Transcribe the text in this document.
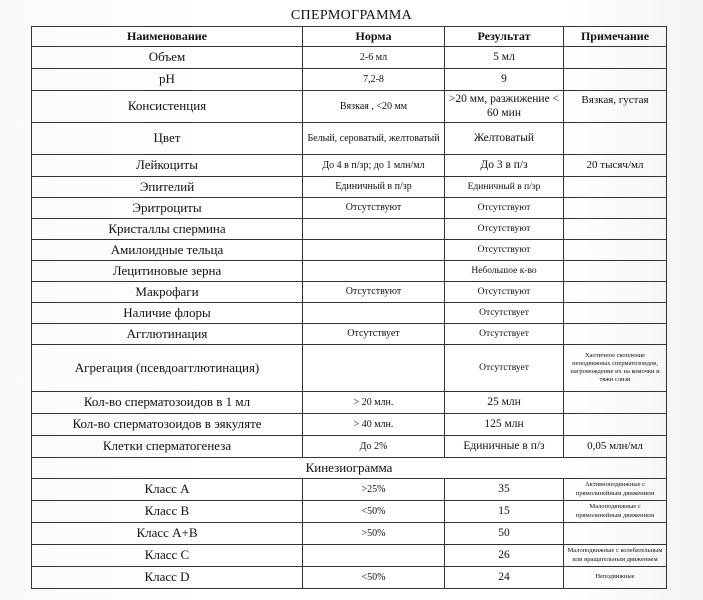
СПЕРМОГРАММА
Наименование	Норма	Результат	Примечание
Объем	2-6 мл	5 мл	
pH	7,2-8	9	
Консистенция	Вязкая , <20 мм	>20 мм, разжижение < 60 мин	Вязкая, густая
Цвет	Белый, сероватый, желтоватый	Желтоватый	
Лейкоциты	До 4 в п/зр; до 1 млн/мл	До 3 в п/з	20 тысяч/мл
Эпителий	Единичный в п/зр	Единичный в п/зр	
Эритроциты	Отсутствуют	Отсутствуют	
Кристаллы спермина		Отсутствуют	
Амилоидные тельца		Отсутствуют	
Лецитиновые зерна		Небольшое к-во	
Макрофаги	Отсутствуют	Отсутствуют	
Наличие флоры		Отсутствует	
Агглютинация	Отсутствует	Отсутствует	
Агрегация (псевдоагглютинация)		Отсутствует	Хаотичное скопление неподвижных сперматозоидов, нагромождение их на комочки и тяжи слизи
Кол-во сперматозоидов в 1 мл	> 20 млн.	25 млн	
Кол-во сперматозоидов в эякуляте	> 40 млн.	125 млн	
Клетки сперматогенеза	До 2%	Единичные в п/з	0,05 млн/мл
Кинезиограмма			
Класс А	>25%	35	Активноподвижные с прямолинейным движением
Класс В	<50%	15	Малоподвижные с прямолинейным движением
Класс А+В	>50%	50	
Класс С		26	Малоподвижные с колебательным или вращательным движением
Класс D	<50%	24	Неподвижные
